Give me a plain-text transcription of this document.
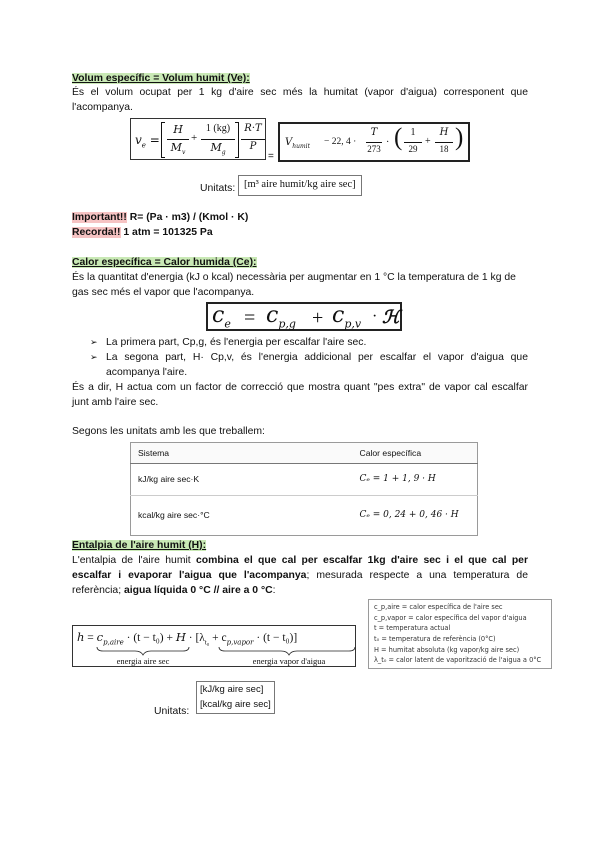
Volum específic = Volum humit (Ve):
És el volum ocupat per 1 kg d'aire sec més la humitat (vapor d'aigua) corresponent que l'acompanya.
$v_e$ =
H
$M_v$
+
1 (kg)
$M_g$
R·T
P
=
$V_{humit} - 22$, 4 ·
T
273
· ( 1
29
+
H
18 )
Unitats: [m³ aire humit/kg aire sec]
Important!! R= (Pa · m3) / (Kmol · K)
Recorda!! 1 atm = 101325 Pa
Calor específica = Calor humida (Ce):
És la quantitat d'energia (kJ o kcal) necessària per augmentar en 1 °C la temperatura de 1 kg de gas sec més el vapor que l'acompanya.
$c_e = c_{p,g} + c_{p,v}$ · ℋ
➢ La primera part, Cp,g, és l'energia per escalfar l'aire sec.
➢ La segona part, H· Cp,v, és l'energia addicional per escalfar el vapor d'aigua que acompanya l'aire.
És a dir, H actua com un factor de correcció que mostra quant "pes extra" de vapor cal escalfar junt amb l'aire sec.
Segons les unitats amb les que treballem:
Sistema	Calor específica
kJ/kg aire sec·K	Cₑ = 1 + 1, 9 · H
kcal/kg aire sec·°C	Cₑ = 0, 24 + 0, 46 · H
Entalpia de l'aire humit (H):
L'entalpia de l'aire humit combina el que cal per escalfar 1kg d'aire sec i el que cal per escalfar i evaporar l'aigua que l'acompanya; mesurada respecte a una temperatura de referència; aigua líquida 0 °C // aire a 0 °C:
c_p,aire = calor específica de l'aire sec
c_p,vapor = calor específica del vapor d'aigua
t = temperatura actual
t₀ = temperatura de referència (0°C)
H = humitat absoluta (kg vapor/kg aire sec)
λ_t₀ = calor latent de vaporització de l'aigua a 0°C
$h = c_{p,aire} \cdot (t - t_0) + H \cdot [\lambda_{t_0} + c_{p,vapor} \cdot (t - t_0)]$
energia aire sec	energia vapor d'aigua
Unitats:
[kJ/kg aire sec]
[kcal/kg aire sec]
